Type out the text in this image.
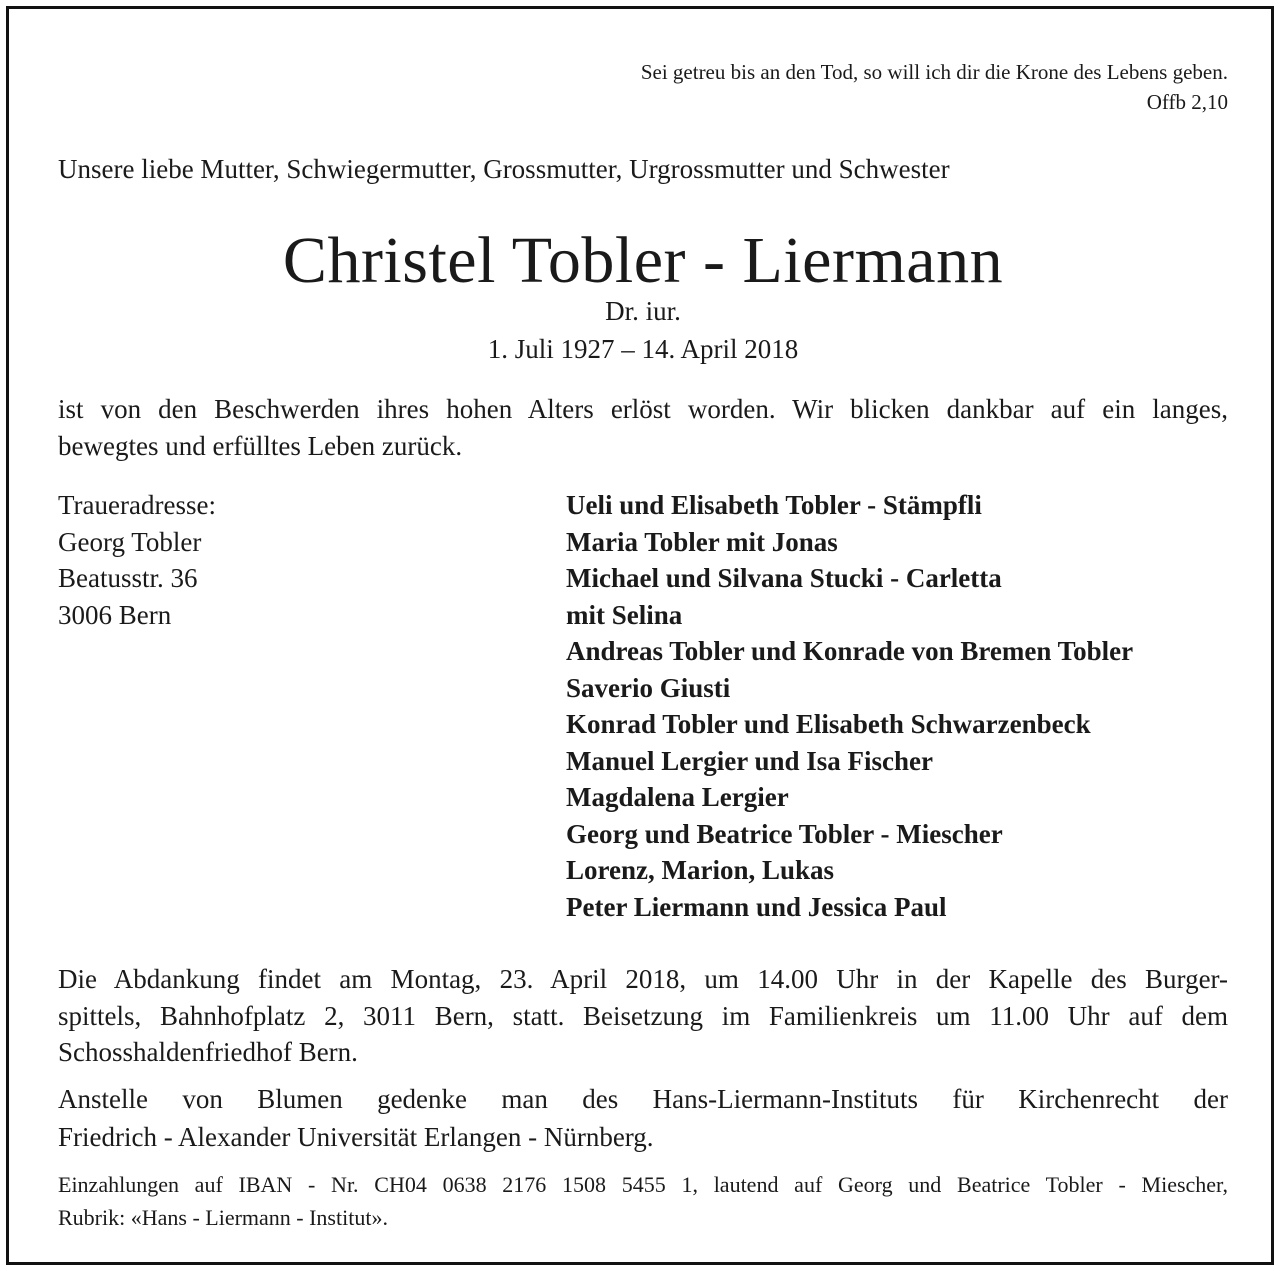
Sei getreu bis an den Tod, so will ich dir die Krone des Lebens geben.
Offb 2,10
Unsere liebe Mutter, Schwiegermutter, Grossmutter, Urgrossmutter und Schwester
Christel Tobler - Liermann
Dr. iur.
1. Juli 1927 – 14. April 2018
ist von den Beschwerden ihres hohen Alters erlöst worden. Wir blicken dankbar auf ein langes,
bewegtes und erfülltes Leben zurück.
Traueradresse:
Georg Tobler
Beatusstr. 36
3006 Bern
Ueli und Elisabeth Tobler - Stämpfli
Maria Tobler mit Jonas
Michael und Silvana Stucki - Carletta
mit Selina
Andreas Tobler und Konrade von Bremen Tobler
Saverio Giusti
Konrad Tobler und Elisabeth Schwarzenbeck
Manuel Lergier und Isa Fischer
Magdalena Lergier
Georg und Beatrice Tobler - Miescher
Lorenz, Marion, Lukas
Peter Liermann und Jessica Paul
Die Abdankung findet am Montag, 23. April 2018, um 14.00 Uhr in der Kapelle des Burger-
spittels, Bahnhofplatz 2, 3011 Bern, statt. Beisetzung im Familienkreis um 11.00 Uhr auf dem
Schosshaldenfriedhof Bern.
Anstelle von Blumen gedenke man des Hans-Liermann-Instituts für Kirchenrecht der
Friedrich - Alexander Universität Erlangen - Nürnberg.
Einzahlungen auf IBAN - Nr. CH04 0638 2176 1508 5455 1, lautend auf Georg und Beatrice Tobler - Miescher,
Rubrik: «Hans - Liermann - Institut».
